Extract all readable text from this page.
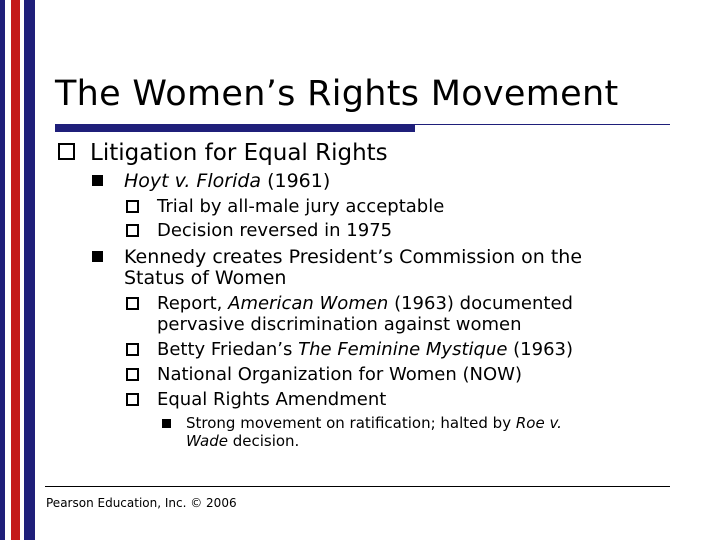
The Women’s Rights Movement
Litigation for Equal Rights
Hoyt v. Florida (1961)
Trial by all-male jury acceptable
Decision reversed in 1975
Kennedy creates President’s Commission on the
Status of Women
Report, American Women (1963) documented
pervasive discrimination against women
Betty Friedan’s The Feminine Mystique (1963)
National Organization for Women (NOW)
Equal Rights Amendment
Strong movement on ratification; halted by Roe v.
Wade decision.
Pearson Education, Inc. © 2006
